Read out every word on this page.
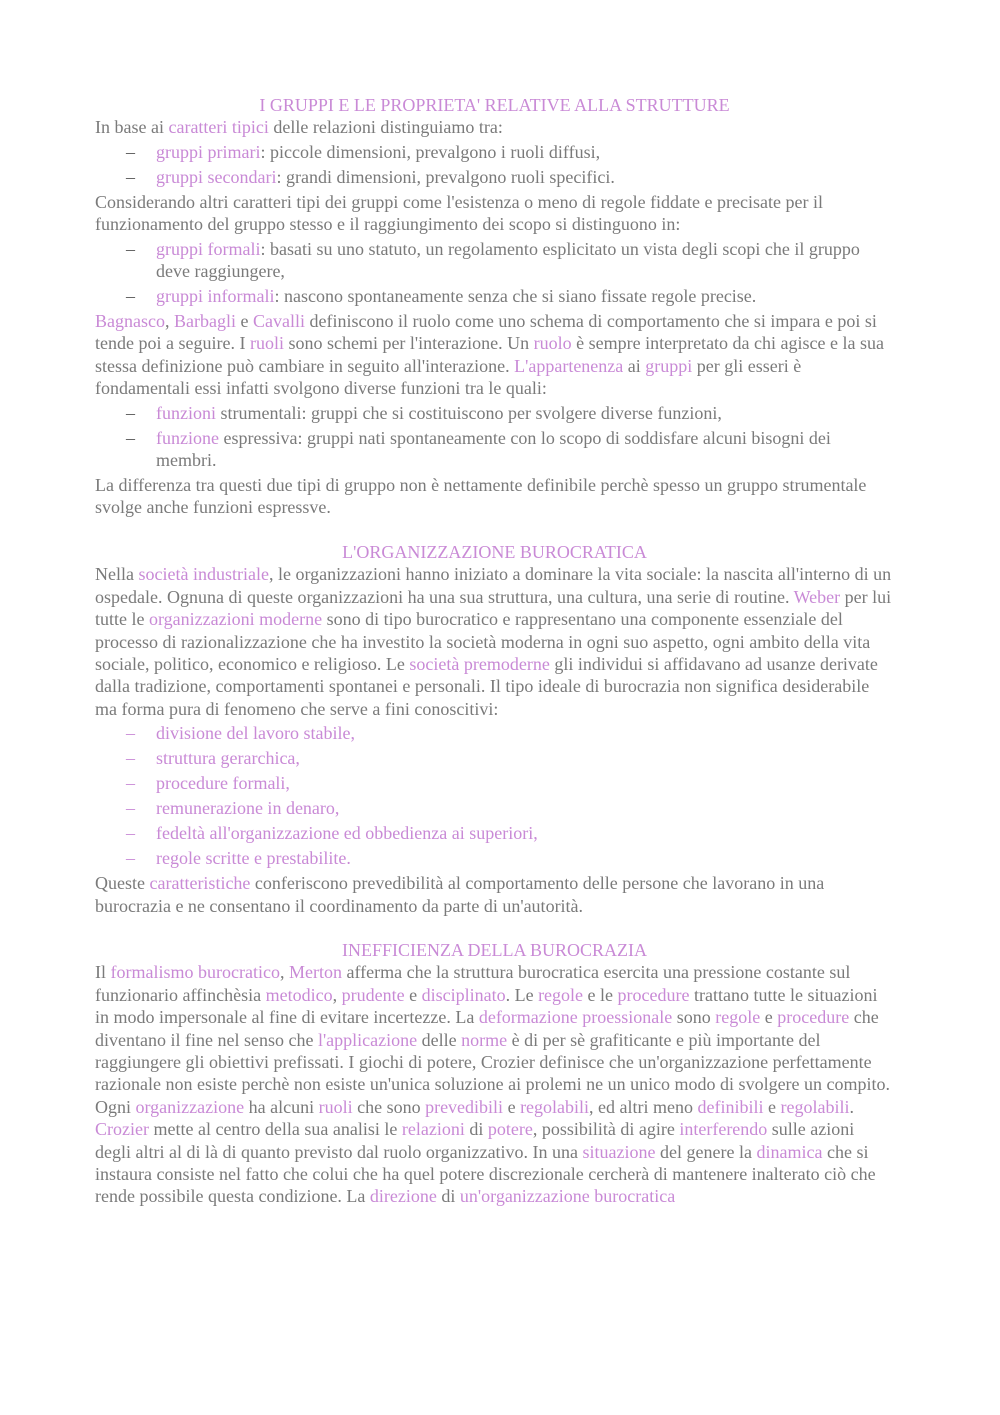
I GRUPPI E LE PROPRIETA' RELATIVE ALLA STRUTTURE

In base ai caratteri tipici delle relazioni distinguiamo tra:

– gruppi primari: piccole dimensioni, prevalgono i ruoli diffusi,
– gruppi secondari: grandi dimensioni, prevalgono ruoli specifici.

Considerando altri caratteri tipi dei gruppi come l'esistenza o meno di regole fiddate e precisate per il funzionamento del gruppo stesso e il raggiungimento dei scopo si distinguono in:

– gruppi formali: basati su uno statuto, un regolamento esplicitato un vista degli scopi che il gruppo deve raggiungere,
– gruppi informali: nascono spontaneamente senza che si siano fissate regole precise.

Bagnasco, Barbagli e Cavalli definiscono il ruolo come uno schema di comportamento che si impara e poi si tende poi a seguire. I ruoli sono schemi per l'interazione. Un ruolo è sempre interpretato da chi agisce e la sua stessa definizione può cambiare in seguito all'interazione. L'appartenenza ai gruppi per gli esseri è fondamentali essi infatti svolgono diverse funzioni tra le quali:

– funzioni strumentali: gruppi che si costituiscono per svolgere diverse funzioni,
– funzione espressiva: gruppi nati spontaneamente con lo scopo di soddisfare alcuni bisogni dei membri.

La differenza tra questi due tipi di gruppo non è nettamente definibile perchè spesso un gruppo strumentale svolge anche funzioni espressve.

L'ORGANIZZAZIONE BUROCRATICA

Nella società industriale, le organizzazioni hanno iniziato a dominare la vita sociale: la nascita all'interno di un ospedale. Ognuna di queste organizzazioni ha una sua struttura, una cultura, una serie di routine. Weber per lui tutte le organizzazioni moderne sono di tipo burocratico e rappresentano una componente essenziale del processo di razionalizzazione che ha investito la società moderna in ogni suo aspetto, ogni ambito della vita sociale, politico, economico e religioso. Le società premoderne gli individui si affidavano ad usanze derivate dalla tradizione, comportamenti spontanei e personali. Il tipo ideale di burocrazia non significa desiderabile ma forma pura di fenomeno che serve a fini conoscitivi:

– divisione del lavoro stabile,
– struttura gerarchica,
– procedure formali,
– remunerazione in denaro,
– fedeltà all'organizzazione ed obbedienza ai superiori,
– regole scritte e prestabilite.

Queste caratteristiche conferiscono prevedibilità al comportamento delle persone che lavorano in una burocrazia e ne consentano il coordinamento da parte di un'autorità.

INEFFICIENZA DELLA BUROCRAZIA

Il formalismo burocratico, Merton afferma che la struttura burocratica esercita una pressione costante sul funzionario affinchèsia metodico, prudente e disciplinato. Le regole e le procedure trattano tutte le situazioni in modo impersonale al fine di evitare incertezze. La deformazione proessionale sono regole e procedure che diventano il fine nel senso che l'applicazione delle norme è di per sè grafiticante e più importante del raggiungere gli obiettivi prefissati. I giochi di potere, Crozier definisce che un'organizzazione perfettamente razionale non esiste perchè non esiste un'unica soluzione ai prolemi ne un unico modo di svolgere un compito. Ogni organizzazione ha alcuni ruoli che sono prevedibili e regolabili, ed altri meno definibili e regolabili. Crozier mette al centro della sua analisi le relazioni di potere, possibilità di agire interferendo sulle azioni degli altri al di là di quanto previsto dal ruolo organizzativo. In una situazione del genere la dinamica che si instaura consiste nel fatto che colui che ha quel potere discrezionale cercherà di mantenere inalterato ciò che rende possibile questa condizione. La direzione di un'organizzazione burocratica
